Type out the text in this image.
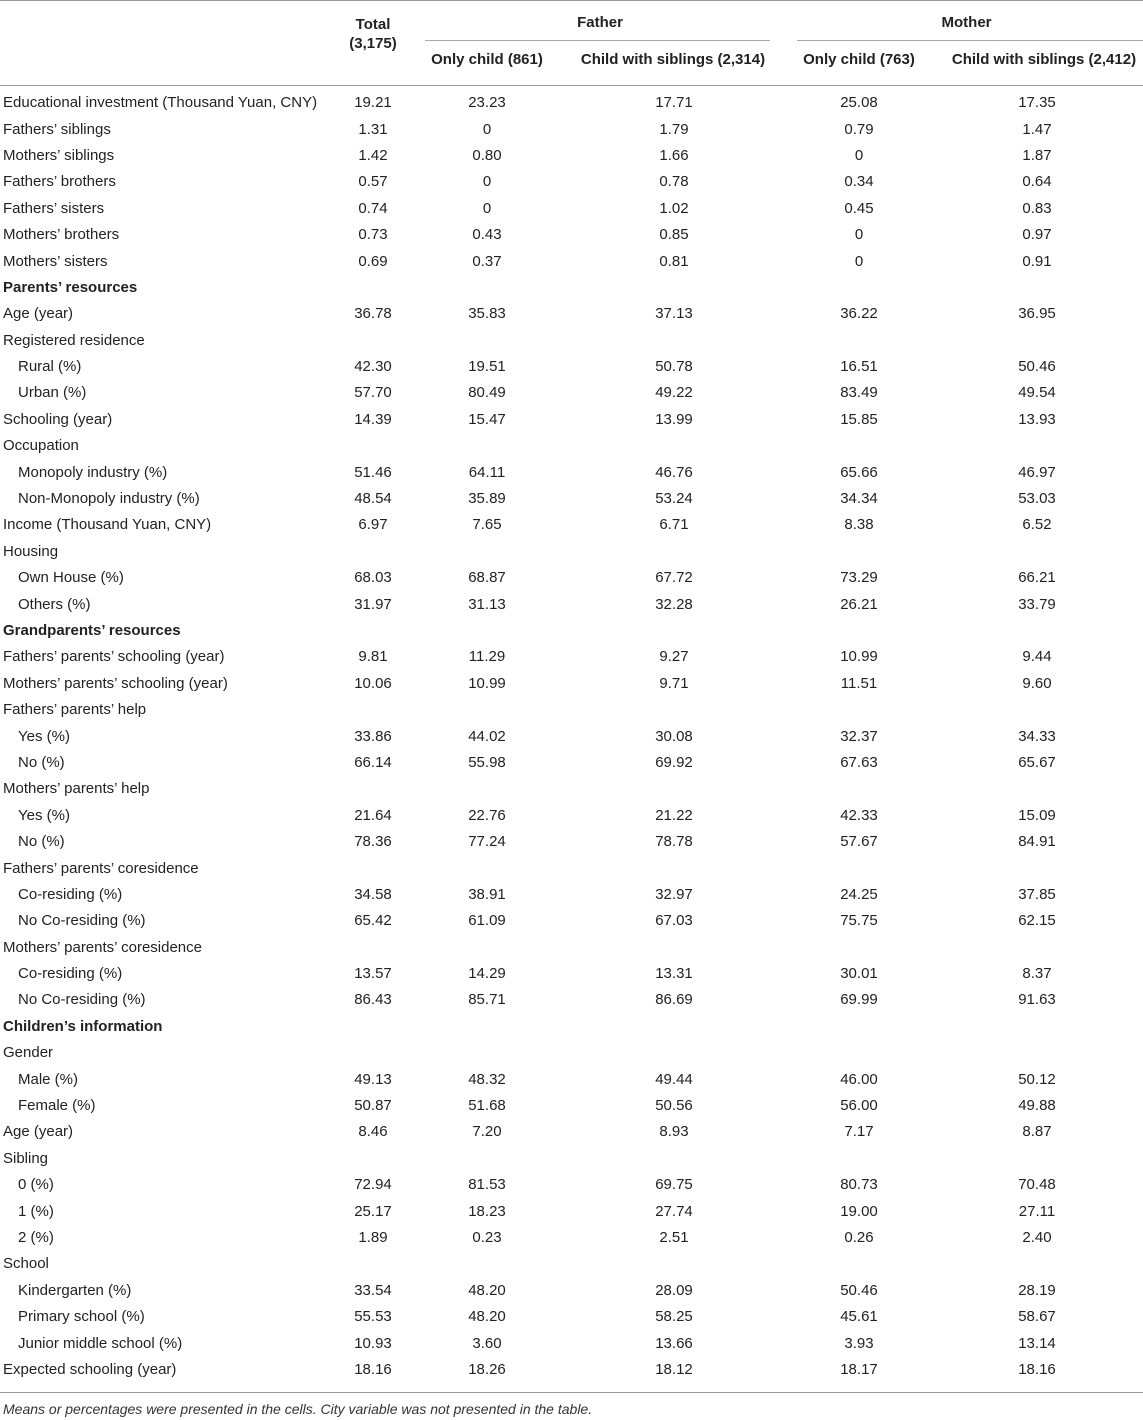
Total
(3,175)
Father	Mother
Only child (861)	Child with siblings (2,314)	Only child (763)	Child with siblings (2,412)
Educational investment (Thousand Yuan, CNY)	19.21	23.23	17.71	25.08	17.35
Fathers’ siblings	1.31	0	1.79	0.79	1.47
Mothers’ siblings	1.42	0.80	1.66	0	1.87
Fathers’ brothers	0.57	0	0.78	0.34	0.64
Fathers’ sisters	0.74	0	1.02	0.45	0.83
Mothers’ brothers	0.73	0.43	0.85	0	0.97
Mothers’ sisters	0.69	0.37	0.81	0	0.91
Parents’ resources					
Age (year)	36.78	35.83	37.13	36.22	36.95
Registered residence					
Rural (%)	42.30	19.51	50.78	16.51	50.46
Urban (%)	57.70	80.49	49.22	83.49	49.54
Schooling (year)	14.39	15.47	13.99	15.85	13.93
Occupation					
Monopoly industry (%)	51.46	64.11	46.76	65.66	46.97
Non-Monopoly industry (%)	48.54	35.89	53.24	34.34	53.03
Income (Thousand Yuan, CNY)	6.97	7.65	6.71	8.38	6.52
Housing					
Own House (%)	68.03	68.87	67.72	73.29	66.21
Others (%)	31.97	31.13	32.28	26.21	33.79
Grandparents’ resources					
Fathers’ parents’ schooling (year)	9.81	11.29	9.27	10.99	9.44
Mothers’ parents’ schooling (year)	10.06	10.99	9.71	11.51	9.60
Fathers’ parents’ help					
Yes (%)	33.86	44.02	30.08	32.37	34.33
No (%)	66.14	55.98	69.92	67.63	65.67
Mothers’ parents’ help					
Yes (%)	21.64	22.76	21.22	42.33	15.09
No (%)	78.36	77.24	78.78	57.67	84.91
Fathers’ parents’ coresidence					
Co-residing (%)	34.58	38.91	32.97	24.25	37.85
No Co-residing (%)	65.42	61.09	67.03	75.75	62.15
Mothers’ parents’ coresidence					
Co-residing (%)	13.57	14.29	13.31	30.01	8.37
No Co-residing (%)	86.43	85.71	86.69	69.99	91.63
Children’s information					
Gender					
Male (%)	49.13	48.32	49.44	46.00	50.12
Female (%)	50.87	51.68	50.56	56.00	49.88
Age (year)	8.46	7.20	8.93	7.17	8.87
Sibling					
0 (%)	72.94	81.53	69.75	80.73	70.48
1 (%)	25.17	18.23	27.74	19.00	27.11
2 (%)	1.89	0.23	2.51	0.26	2.40
School					
Kindergarten (%)	33.54	48.20	28.09	50.46	28.19
Primary school (%)	55.53	48.20	58.25	45.61	58.67
Junior middle school (%)	10.93	3.60	13.66	3.93	13.14
Expected schooling (year)	18.16	18.26	18.12	18.17	18.16
Means or percentages were presented in the cells. City variable was not presented in the table.
